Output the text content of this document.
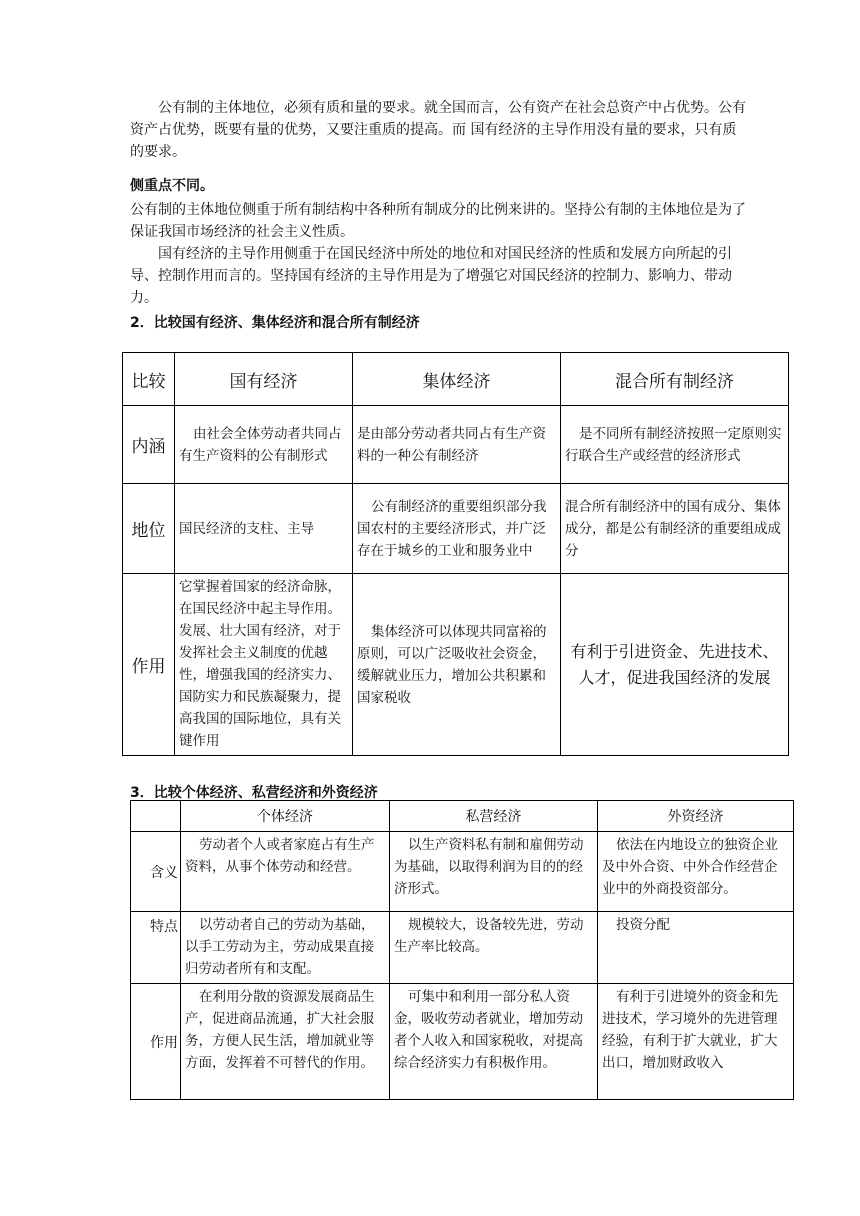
公有制的主体地位，必须有质和量的要求。就全国而言，公有资产在社会总资产中占优势。公有资产占优势，既要有量的优势，又要注重质的提高。而 国有经济的主导作用没有量的要求，只有质的要求。

侧重点不同。

公有制的主体地位侧重于所有制结构中各种所有制成分的比例来讲的。坚持公有制的主体地位是为了保证我国市场经济的社会主义性质。

国有经济的主导作用侧重于在国民经济中所处的地位和对国民经济的性质和发展方向所起的引导、控制作用而言的。坚持国有经济的主导作用是为了增强它对国民经济的控制力、影响力、带动力。

2．比较国有经济、集体经济和混合所有制经济

比较	国有经济	集体经济	混合所有制经济
内涵	由社会全体劳动者共同占有生产资料的公有制形式	是由部分劳动者共同占有生产资料的一种公有制经济	是不同所有制经济按照一定原则实行联合生产或经营的经济形式
地位	国民经济的支柱、主导	公有制经济的重要组织部分我国农村的主要经济形式，并广泛存在于城乡的工业和服务业中	混合所有制经济中的国有成分、集体成分，都是公有制经济的重要组成成分
作用	它掌握着国家的经济命脉，在国民经济中起主导作用。发展、壮大国有经济，对于发挥社会主义制度的优越性，增强我国的经济实力、国防实力和民族凝聚力，提高我国的国际地位，具有关键作用	集体经济可以体现共同富裕的原则，可以广泛吸收社会资金，缓解就业压力，增加公共积累和国家税收	有利于引进资金、先进技术、人才，促进我国经济的发展

3．比较个体经济、私营经济和外资经济

	个体经济	私营经济	外资经济
含义	劳动者个人或者家庭占有生产资料，从事个体劳动和经营。	以生产资料私有制和雇佣劳动为基础，以取得利润为目的的经济形式。	依法在内地设立的独资企业及中外合资、中外合作经营企业中的外商投资部分。
特点	以劳动者自己的劳动为基础，以手工劳动为主，劳动成果直接归劳动者所有和支配。	规模较大，设备较先进，劳动生产率比较高。	投资分配
作用	在利用分散的资源发展商品生产，促进商品流通，扩大社会服务，方便人民生活，增加就业等方面，发挥着不可替代的作用。	可集中和利用一部分私人资金，吸收劳动者就业，增加劳动者个人收入和国家税收，对提高综合经济实力有积极作用。	有利于引进境外的资金和先进技术，学习境外的先进管理经验，有利于扩大就业，扩大出口，增加财政收入
